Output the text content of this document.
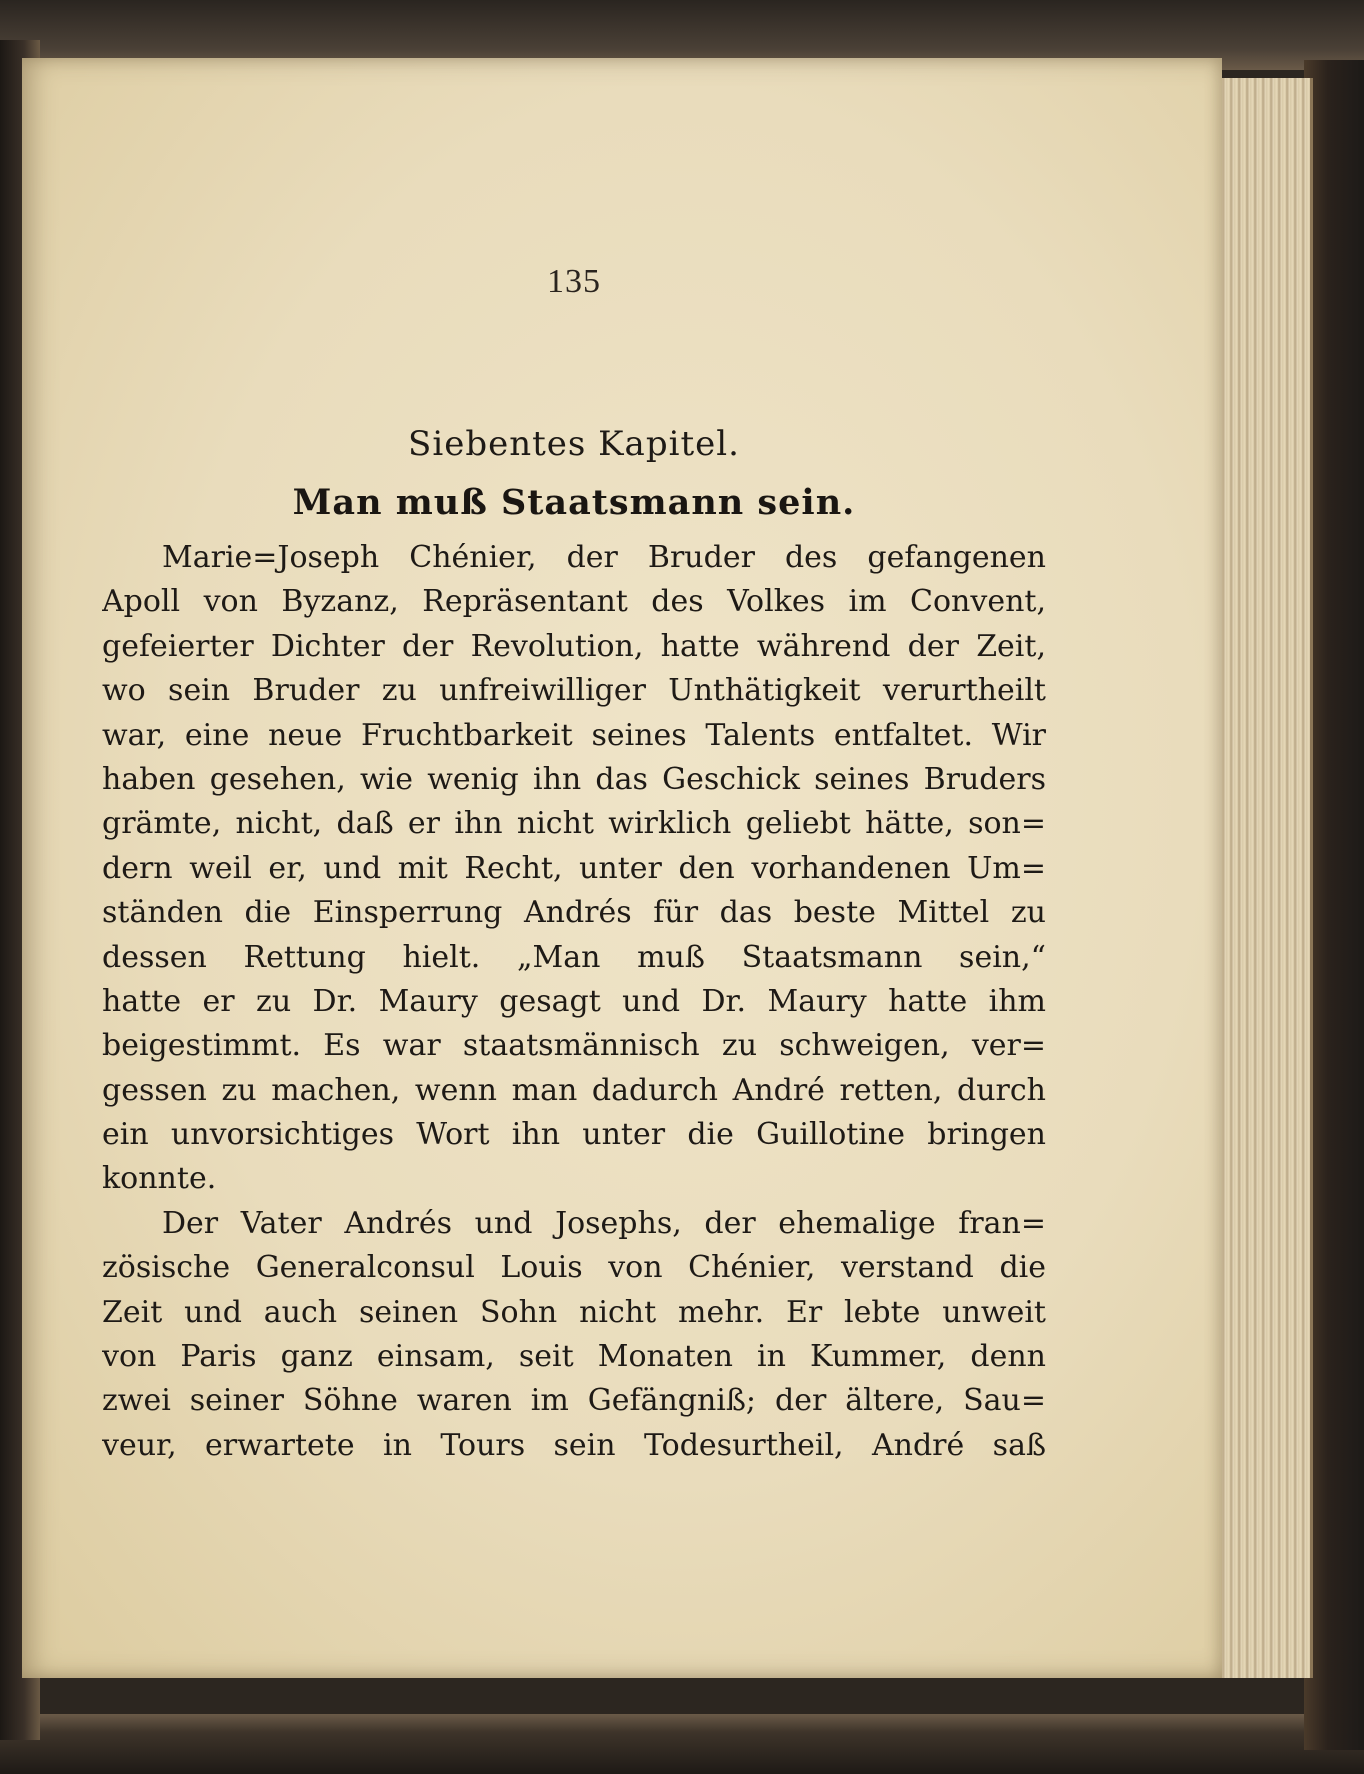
135
Siebentes Kapitel.
Man muß Staatsmann sein.
Marie=Joseph Chénier, der Bruder des gefangenen
Apoll von Byzanz, Repräsentant des Volkes im Convent,
gefeierter Dichter der Revolution, hatte während der Zeit,
wo sein Bruder zu unfreiwilliger Unthätigkeit verurtheilt
war, eine neue Fruchtbarkeit seines Talents entfaltet. Wir
haben gesehen, wie wenig ihn das Geschick seines Bruders
grämte, nicht, daß er ihn nicht wirklich geliebt hätte, son=
dern weil er, und mit Recht, unter den vorhandenen Um=
ständen die Einsperrung Andrés für das beste Mittel zu
dessen Rettung hielt. „Man muß Staatsmann sein,“
hatte er zu Dr. Maury gesagt und Dr. Maury hatte ihm
beigestimmt. Es war staatsmännisch zu schweigen, ver=
gessen zu machen, wenn man dadurch André retten, durch
ein unvorsichtiges Wort ihn unter die Guillotine bringen
konnte.
Der Vater Andrés und Josephs, der ehemalige fran=
zösische Generalconsul Louis von Chénier, verstand die
Zeit und auch seinen Sohn nicht mehr. Er lebte unweit
von Paris ganz einsam, seit Monaten in Kummer, denn
zwei seiner Söhne waren im Gefängniß; der ältere, Sau=
veur, erwartete in Tours sein Todesurtheil, André saß
